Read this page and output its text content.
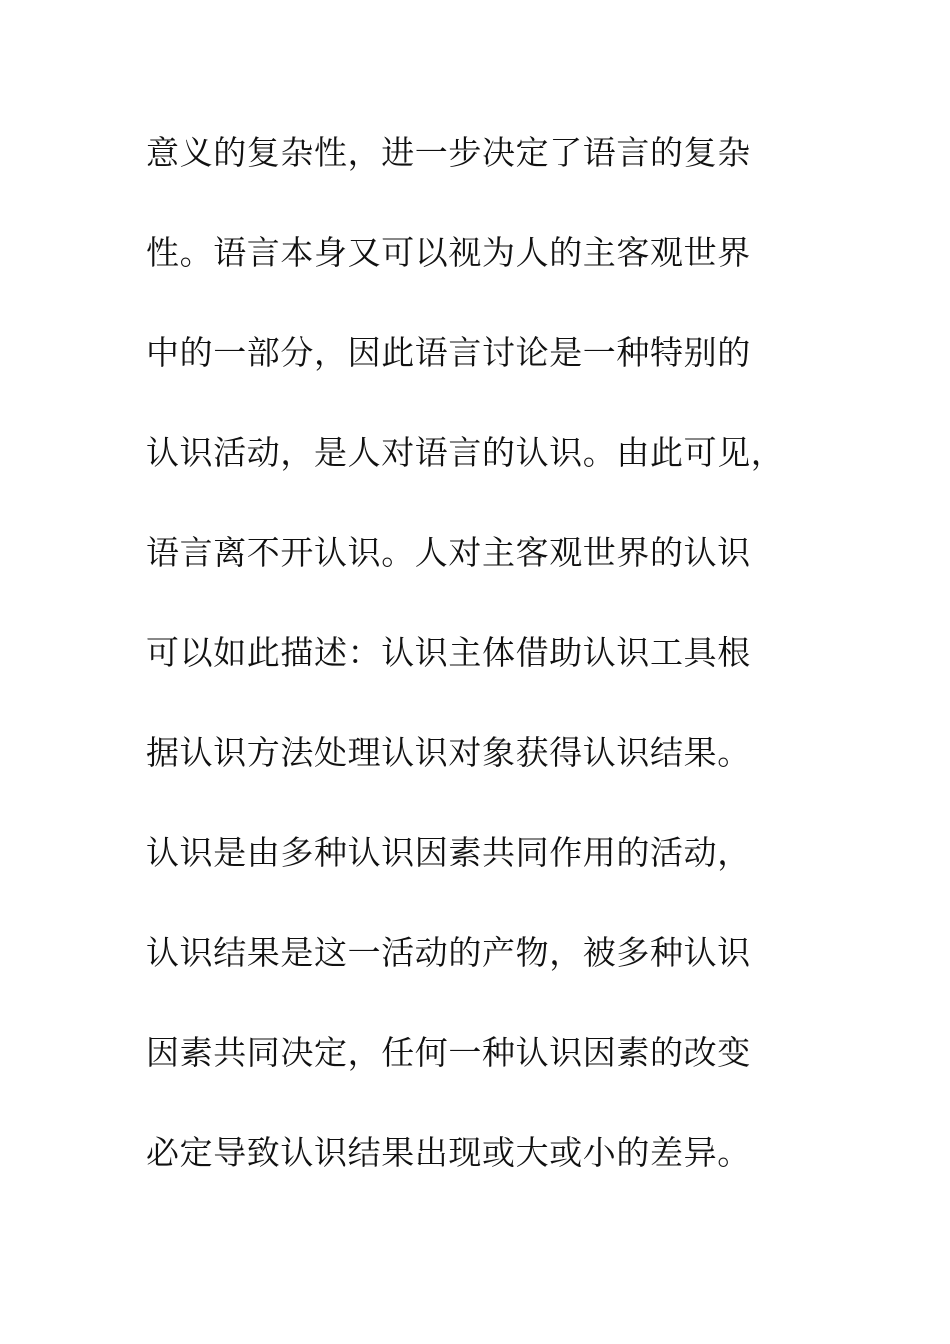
意义的复杂性，进一步决定了语言的复杂
性。语言本身又可以视为人的主客观世界
中的一部分，因此语言讨论是一种特别的
认识活动，是人对语言的认识。由此可见，
语言离不开认识。人对主客观世界的认识
可以如此描述：认识主体借助认识工具根
据认识方法处理认识对象获得认识结果。
认识是由多种认识因素共同作用的活动，
认识结果是这一活动的产物，被多种认识
因素共同决定，任何一种认识因素的改变
必定导致认识结果出现或大或小的差异。
